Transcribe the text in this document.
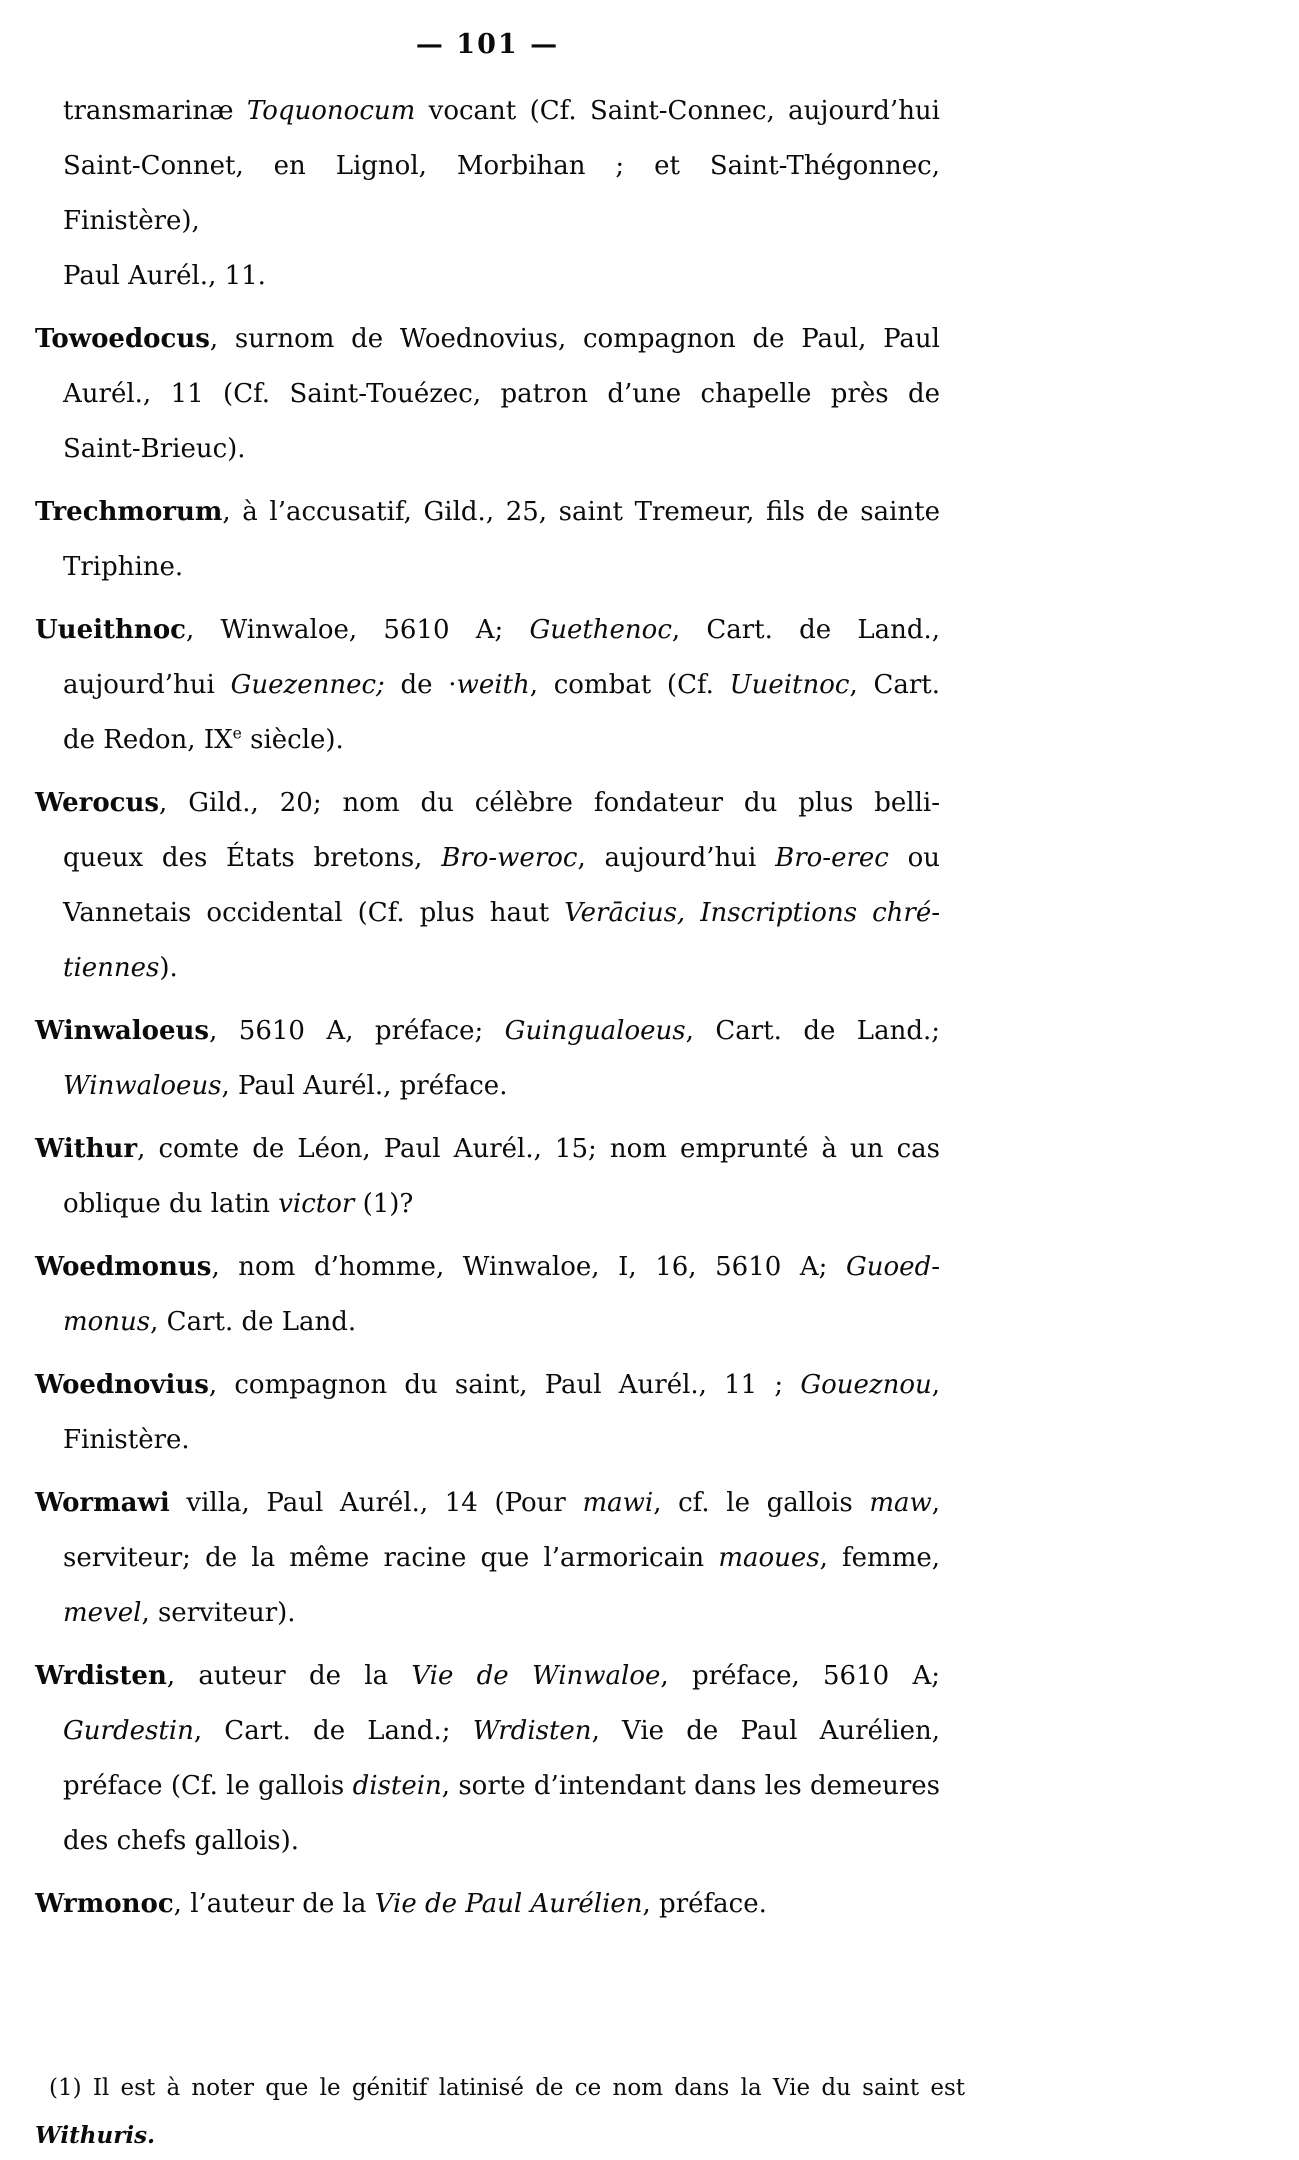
— 101 —
transmarinæ Toquonocum vocant (Cf. Saint-Connec, aujourd’hui
Saint-Connet, en Lignol, Morbihan ; et Saint-Thégonnec, Finistère),
Paul Aurél., 11.
Towoedocus, surnom de Woednovius, compagnon de Paul, Paul
Aurél., 11 (Cf. Saint-Touézec, patron d’une chapelle près de
Saint-Brieuc).
Trechmorum, à l’accusatif, Gild., 25, saint Tremeur, fils de sainte
Triphine.
Uueithnoc, Winwaloe, 5610 A; Guethenoc, Cart. de Land.,
aujourd’hui Guezennec; de ·weith, combat (Cf. Uueitnoc, Cart.
de Redon, IXe siècle).
Werocus, Gild., 20; nom du célèbre fondateur du plus belli-
queux des États bretons, Bro-weroc, aujourd’hui Bro-erec ou
Vannetais occidental (Cf. plus haut Verācius, Inscriptions chré-
tiennes).
Winwaloeus, 5610 A, préface; Guingualoeus, Cart. de Land.;
Winwaloeus, Paul Aurél., préface.
Withur, comte de Léon, Paul Aurél., 15; nom emprunté à un cas
oblique du latin victor (1)?
Woedmonus, nom d’homme, Winwaloe, I, 16, 5610 A; Guoed-
monus, Cart. de Land.
Woednovius, compagnon du saint, Paul Aurél., 11 ; Goueznou,
Finistère.
Wormawi villa, Paul Aurél., 14 (Pour mawi, cf. le gallois maw,
serviteur; de la même racine que l’armoricain maoues, femme,
mevel, serviteur).
Wrdisten, auteur de la Vie de Winwaloe, préface, 5610 A;
Gurdestin, Cart. de Land.; Wrdisten, Vie de Paul Aurélien,
préface (Cf. le gallois distein, sorte d’intendant dans les demeures
des chefs gallois).
Wrmonoc, l’auteur de la Vie de Paul Aurélien, préface.
(1) Il est à noter que le génitif latinisé de ce nom dans la Vie du saint est
Withuris.
